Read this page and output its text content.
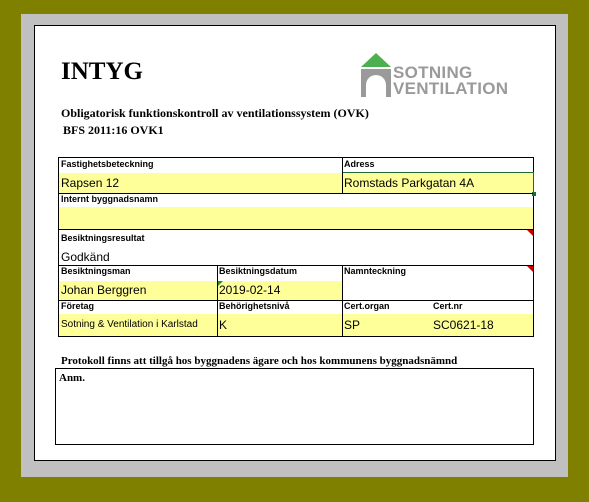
INTYG
Obligatorisk funktionskontroll av ventilationssystem (OVK)
BFS 2011:16 OVK1
SOTNING
VENTILATION
Fastighetsbeteckning
Rapsen 12
Adress
Romstads Parkgatan 4A
Internt byggnadsnamn
Besiktningsresultat
Godkänd
Besiktningsman
Johan Berggren
Besiktningsdatum
2019-02-14
Namnteckning
Företag
Sotning & Ventilation i Karlstad
Behörighetsnivå
K
Cert.organ
SP
Cert.nr
SC0621-18
Protokoll finns att tillgå hos byggnadens ägare och hos kommunens byggnadsnämnd
Anm.
